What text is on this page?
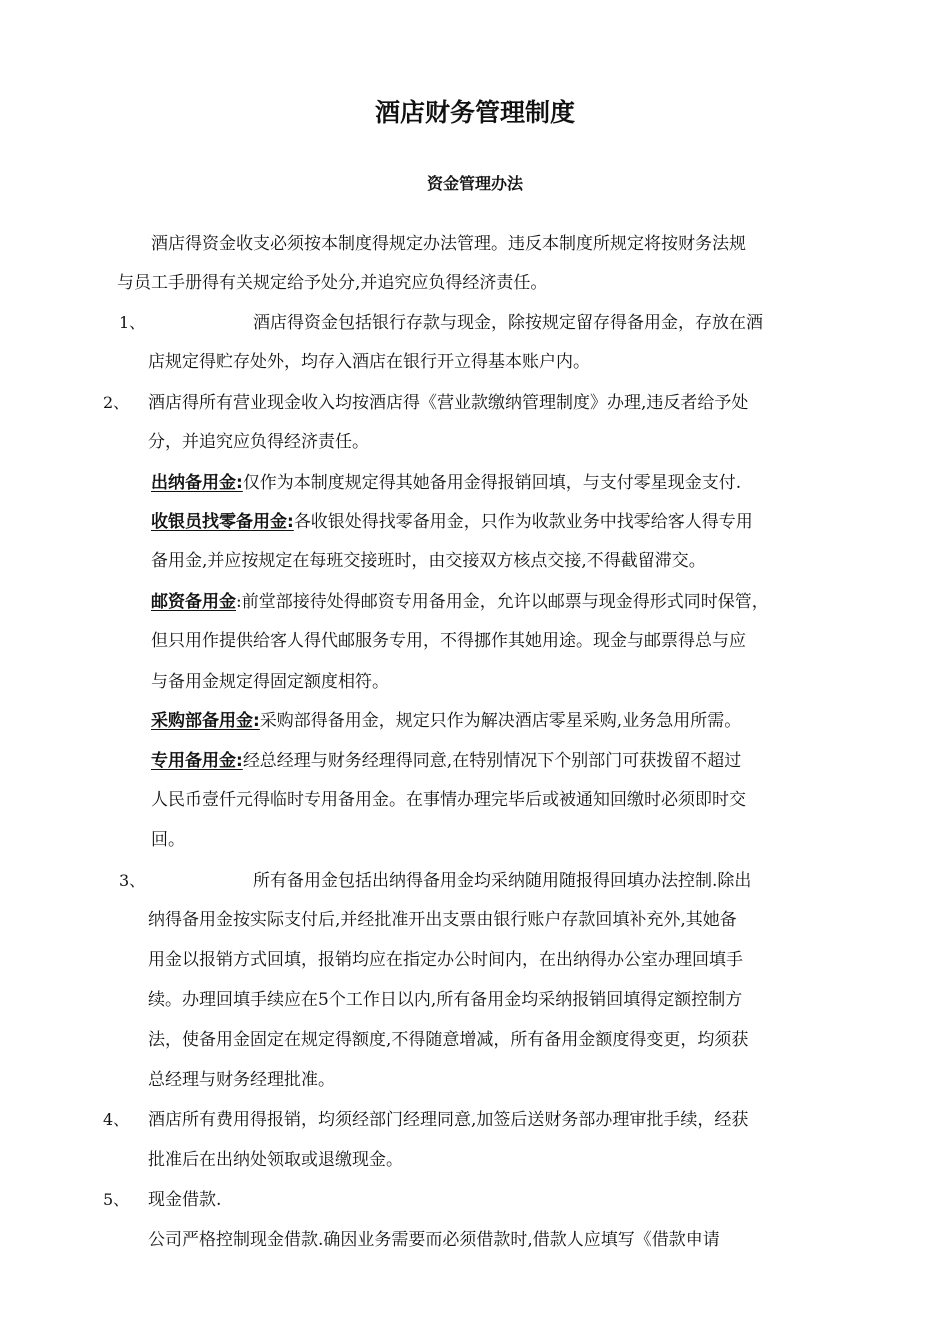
酒店财务管理制度
资金管理办法
酒店得资金收支必须按本制度得规定办法管理。违反本制度所规定将按财务法规
与员工手册得有关规定给予处分,并追究应负得经济责任。
1、	酒店得资金包括银行存款与现金，除按规定留存得备用金，存放在酒
店规定得贮存处外，均存入酒店在银行开立得基本账户内。
2、 酒店得所有营业现金收入均按酒店得《营业款缴纳管理制度》办理,违反者给予处
分，并追究应负得经济责任。
出纳备用金:仅作为本制度规定得其她备用金得报销回填，与支付零星现金支付.
收银员找零备用金:各收银处得找零备用金，只作为收款业务中找零给客人得专用
备用金,并应按规定在每班交接班时，由交接双方核点交接,不得截留滞交。
邮资备用金:前堂部接待处得邮资专用备用金，允许以邮票与现金得形式同时保管，
但只用作提供给客人得代邮服务专用，不得挪作其她用途。现金与邮票得总与应
与备用金规定得固定额度相符。
采购部备用金:采购部得备用金，规定只作为解决酒店零星采购,业务急用所需。
专用备用金:经总经理与财务经理得同意,在特别情况下个别部门可获拨留不超过
人民币壹仟元得临时专用备用金。在事情办理完毕后或被通知回缴时必须即时交
回。
3、	所有备用金包括出纳得备用金均采纳随用随报得回填办法控制.除出
纳得备用金按实际支付后,并经批准开出支票由银行账户存款回填补充外,其她备
用金以报销方式回填，报销均应在指定办公时间内，在出纳得办公室办理回填手
续。办理回填手续应在5个工作日以内,所有备用金均采纳报销回填得定额控制方
法，使备用金固定在规定得额度,不得随意增减，所有备用金额度得变更，均须获
总经理与财务经理批准。
4、 酒店所有费用得报销，均须经部门经理同意,加签后送财务部办理审批手续，经获
批准后在出纳处领取或退缴现金。
5、 现金借款.
公司严格控制现金借款.确因业务需要而必须借款时,借款人应填写《借款申请
